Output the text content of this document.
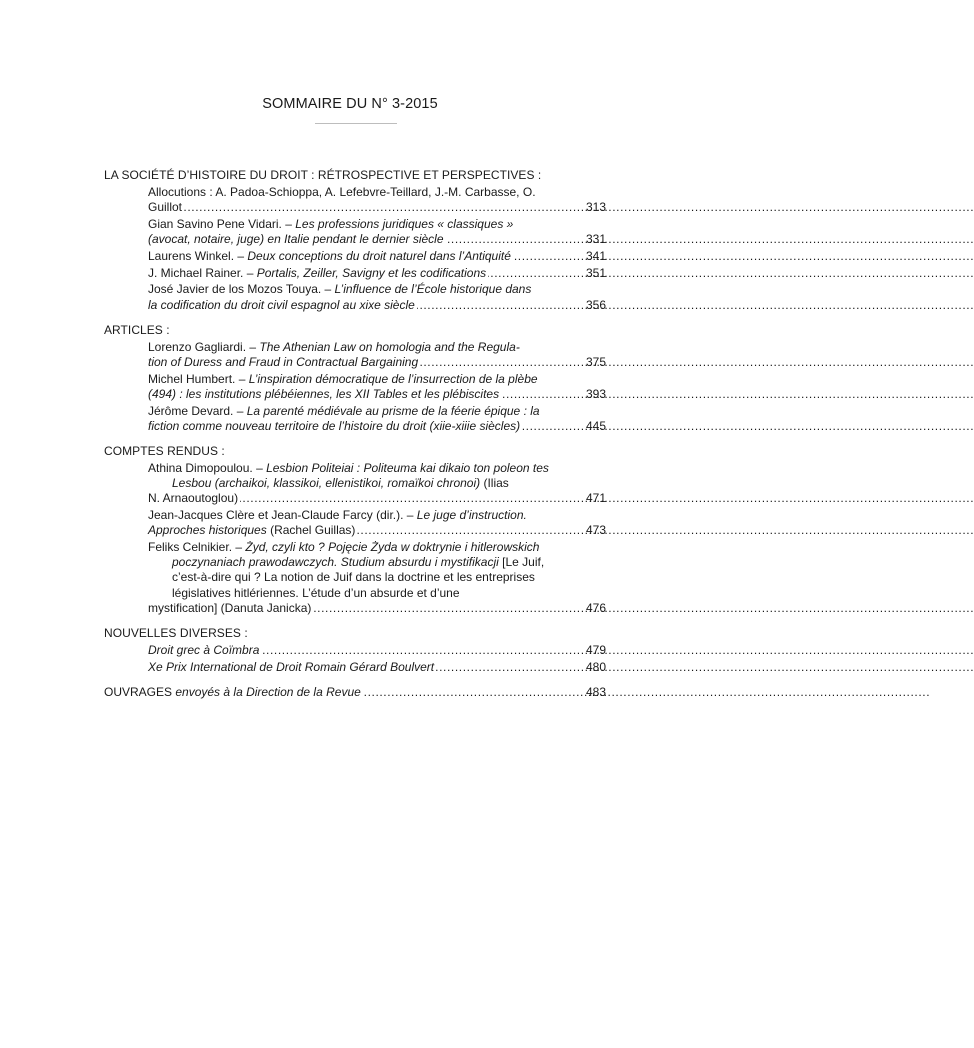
SOMMAIRE DU N° 3-2015
LA SOCIÉTÉ D’HISTOIRE DU DROIT : RÉTROSPECTIVE ET PERSPECTIVES :
Allocutions : A. Padoa-Schioppa, A. Lefebvre-Teillard, J.-M. Carbasse, O.
Guillot .....	313
Gian Savino Pene Vidari. – Les professions juridiques « classiques »
(avocat, notaire, juge) en Italie pendant le dernier siècle .....	331
Laurens Winkel. – Deux conceptions du droit naturel dans l’Antiquité .....	341
J. Michael Rainer. – Portalis, Zeiller, Savigny et les codifications .....	351
José Javier de los Mozos Touya. – L’influence de l’École historique dans
la codification du droit civil espagnol au xixe siècle .....	356
ARTICLES :
Lorenzo Gagliardi. – The Athenian Law on homologia and the Regula-
tion of Duress and Fraud in Contractual Bargaining .....	375
Michel Humbert. – L’inspiration démocratique de l’insurrection de la plèbe
(494) : les institutions plébéiennes, les XII Tables et les plébiscites .....	393
Jérôme Devard. – La parenté médiévale au prisme de la féerie épique : la
fiction comme nouveau territoire de l’histoire du droit (xiie-xiiie siècles) .....	445
COMPTES RENDUS :
Athina Dimopoulou. – Lesbion Politeiai : Politeuma kai dikaio ton poleon tes Lesbou (archaikoi, klassikoi, ellenistikoi, romaïkoi chronoi) (Ilias
N. Arnaoutoglou) .....	471
Jean-Jacques Clère et Jean-Claude Farcy (dir.). – Le juge d’instruction.
Approches historiques (Rachel Guillas) .....	473
Feliks Celnikier. – Żyd, czyli kto ? Pojęcie Żyda w doktrynie i hitlerowskich poczynaniach prawodawczych. Studium absurdu i mystifikacji [Le Juif, c’est-à-dire qui ? La notion de Juif dans la doctrine et les entreprises législatives hitlériennes. L’étude d’un absurde et d’une
mystification] (Danuta Janicka) .....	476
NOUVELLES DIVERSES :
Droit grec à Coïmbra .....	479
Xe Prix International de Droit Romain Gérard Boulvert .....	480
OUVRAGES envoyés à la Direction de la Revue .....	483
